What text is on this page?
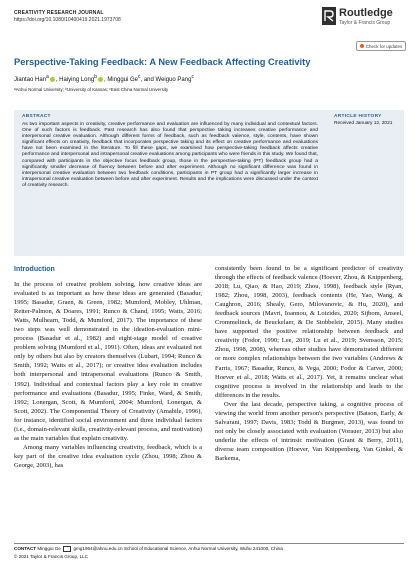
CREATIVITY RESEARCH JOURNAL
https://doi.org/10.1080/10400419.2021.1973708
Routledge
Taylor & Francis Group
Check for updates
Perspective-Taking Feedback: A New Feedback Affecting Creativity
Jiantao Han$^a$ , Haiying Long$^b$ , Minggui Ge$^c$, and Weiguo Pang$^c$
ᵃAnhui Normal University; ᵇUniversity of Kansas; ᶜEast China Normal University
ABSTRACT
As two important aspects in creativity, creative performance and evaluation are influenced by many individual and contextual factors. One of such factors is feedback. Past research has also found that perspective taking increases creative performance and interpersonal creative evaluation. Although different forms of feedback, such as feedback valence, style, contents, have shown significant effects on creativity, feedback that incorporates perspective taking and its effect on creative performance and evaluations have not been examined in the literature. To fill these gaps, we examined how perspective-taking feedback affects creative performance and interpersonal and intrapersonal creative evaluations among participants who were friends in this study. We found that, compared with participants in the objective focus feedback group, those in the perspective-taking (PT) feedback group had a significantly smaller decrease of fluency between before and after experiment. Although no significant difference was found in interpersonal creative evaluation between two feedback conditions, participants in PT group had a significantly larger increase in intrapersonal creative evaluation between before and after experiment. Results and the implications were discussed under the context of creativity research.
ARTICLE HISTORY
Received January 12, 2021
Introduction

In the process of creative problem solving, how creative ideas are evaluated is as important as how these ideas are generated (Basadur, 1995; Basadur, Graen, & Green, 1982; Mumford, Mobley, Uhlman, Reiter-Palmon, & Doares, 1991; Runco & Chand, 1995; Watts, 2016; Watts, Mulhearn, Todd, & Mumford, 2017). The importance of these two steps was well demonstrated in the ideation-evaluation mini-process (Basadur et al., 1982) and eight-stage model of creative problem solving (Mumford et al., 1991). Often, ideas are evaluated not only by others but also by creators themselves (Lubart, 1994; Runco & Smith, 1992; Watts et al., 2017); or creative idea evaluation includes both interpersonal and intrapersonal evaluations (Runco & Smith, 1992). Individual and contextual factors play a key role in creative performance and evaluations (Basadur, 1995; Finke, Ward, & Smith, 1992; Lonergan, Scott, & Mumford, 2004; Mumford, Lonergan, & Scott, 2002). The Componential Theory of Creativity (Amabile, 1996), for instance, identified social environment and three individual factors (i.e., domain-relevant skills, creativity-relevant process, and motivation) as the main variables that explain creativity.

Among many variables influencing creativity, feedback, which is a key part of the creative idea evaluation cycle (Zhou, 1998; Zhou & George, 2003), has

consistently been found to be a significant predictor of creativity through the effects of feedback valence (Hoever, Zhou, & Knippenberg, 2018; Lu, Qiao, & Hao, 2019; Zhou, 1998), feedback style (Ryan, 1982; Zhou, 1998, 2003), feedback contents (He, Yao, Wang, & Caughron, 2016; Shealy, Gero, Milovanovic, & Hu, 2020), and feedback sources (Mavri, Ioannou, & Loizides, 2020; Sijbom, Anseel, Crommelinck, de Beuckelaer, & De Stobbeleir, 2015). Many studies have supported the positive relationship between feedback and creativity (Fodor, 1990; Lee, 2019; Lu et al., 2019; Svensson, 2015; Zhou, 1998, 2008), whereas other studies have demonstrated different or more complex relationships between the two variables (Andrews & Farris, 1967; Basadur, Runco, & Vega, 2000; Fodor & Carver, 2000; Hoever et al., 2018; Watts et al., 2017). Yet, it remains unclear what cognitive process is involved in the relationship and leads to the differences in the results.

Over the last decade, perspective taking, a cognitive process of viewing the world from another person's perspective (Batson, Early, & Salvarani, 1997; Davis, 1983; Todd & Burgmer, 2013), was found to not only be closely associated with evaluation (Vorauer, 2013) but also underlie the effects of intrinsic motivation (Grant & Berry, 2011), diverse team composition (Hoever, Van Knippenberg, Van Ginkel, & Barkema,

CONTACT Minggui Ge	gmg1964@ahnu.edu.cn School of Educational Science, Anhui Normal University, Wuhu 241000, China
© 2021 Taylor & Francis Group, LLC
